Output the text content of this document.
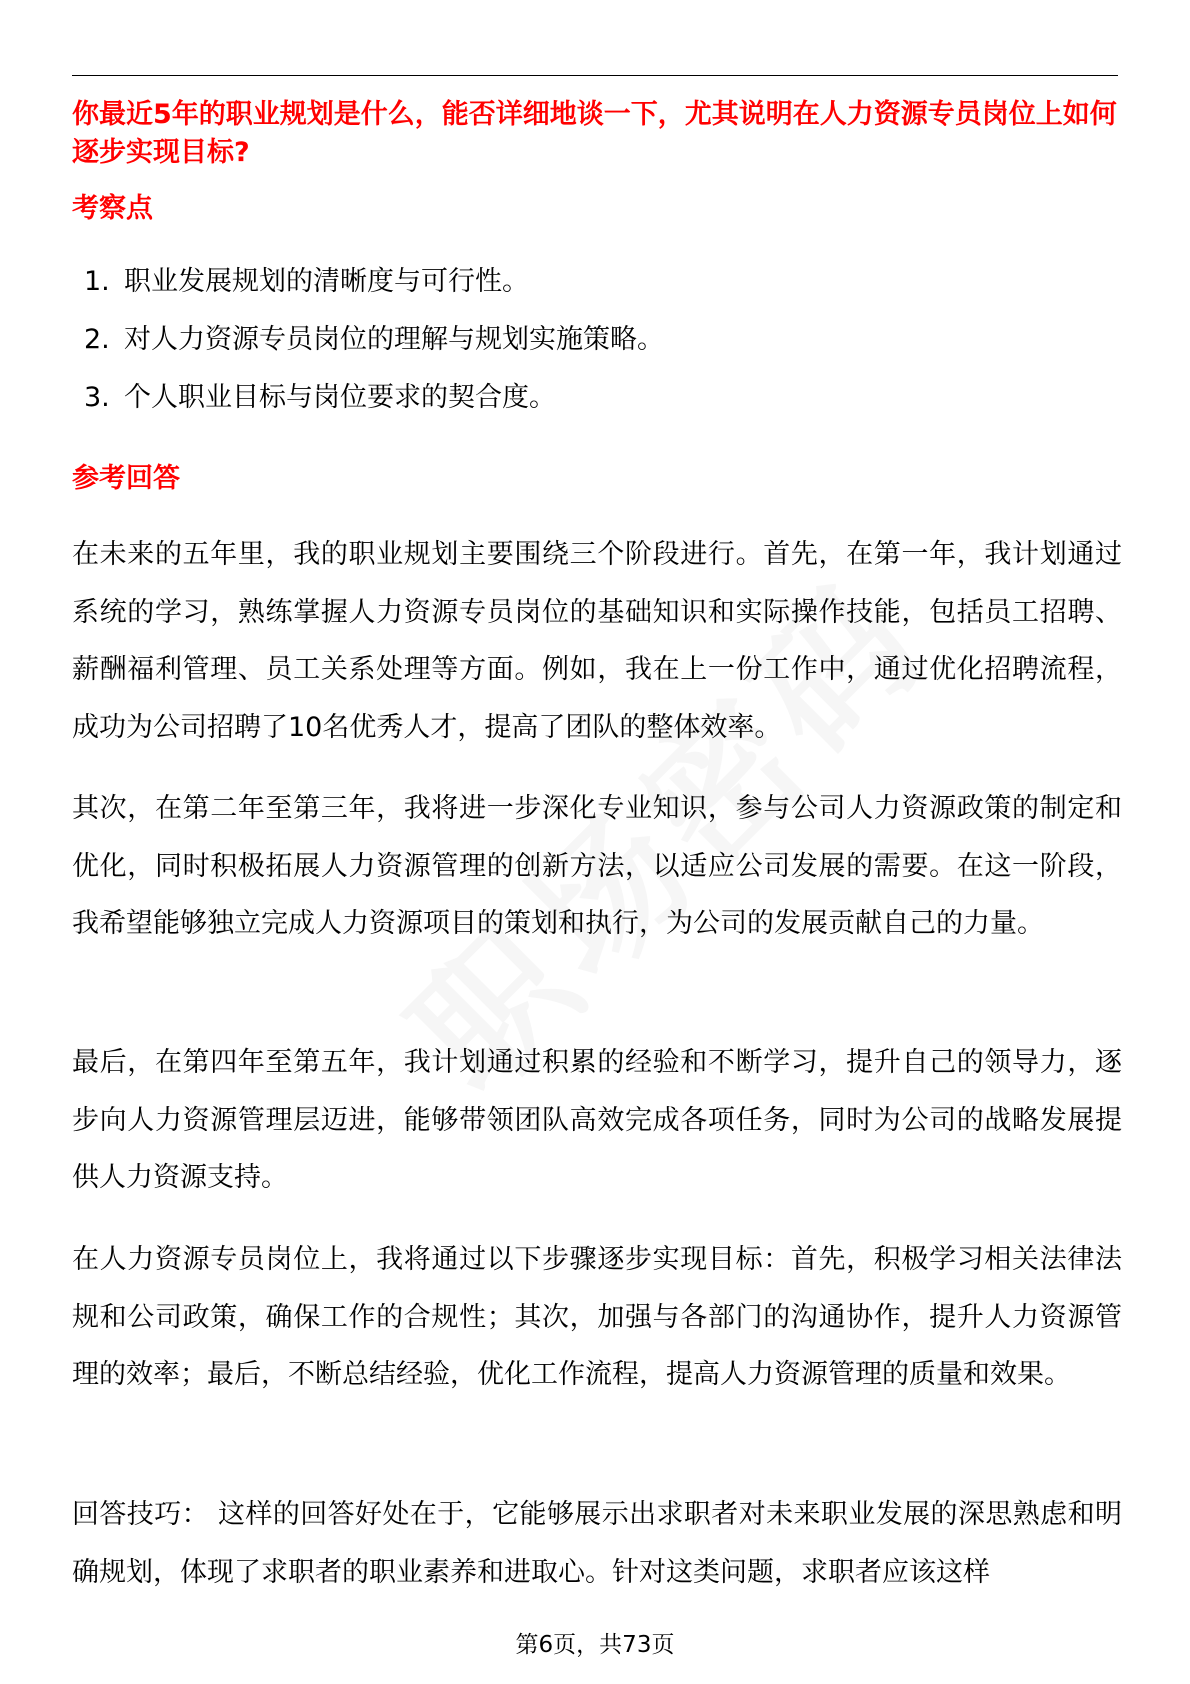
你最近5年的职业规划是什么，能否详细地谈一下，尤其说明在人力资源专员岗位上如何逐步实现目标?
考察点
1. 职业发展规划的清晰度与可行性。
2. 对人力资源专员岗位的理解与规划实施策略。
3. 个人职业目标与岗位要求的契合度。
参考回答

在未来的五年里，我的职业规划主要围绕三个阶段进行。首先，在第一年，我计划通过系统的学习，熟练掌握人力资源专员岗位的基础知识和实际操作技能，包括员工招聘、薪酬福利管理、员工关系处理等方面。例如，我在上一份工作中，通过优化招聘流程，成功为公司招聘了10名优秀人才，提高了团队的整体效率。

其次，在第二年至第三年，我将进一步深化专业知识，参与公司人力资源政策的制定和优化，同时积极拓展人力资源管理的创新方法，以适应公司发展的需要。在这一阶段，我希望能够独立完成人力资源项目的策划和执行，为公司的发展贡献自己的力量。

最后，在第四年至第五年，我计划通过积累的经验和不断学习，提升自己的领导力，逐步向人力资源管理层迈进，能够带领团队高效完成各项任务，同时为公司的战略发展提供人力资源支持。

在人力资源专员岗位上，我将通过以下步骤逐步实现目标：首先，积极学习相关法律法规和公司政策，确保工作的合规性；其次，加强与各部门的沟通协作，提升人力资源管理的效率；最后，不断总结经验，优化工作流程，提高人力资源管理的质量和效果。

回答技巧： 这样的回答好处在于，它能够展示出求职者对未来职业发展的深思熟虑和明确规划，体现了求职者的职业素养和进取心。针对这类问题，求职者应该这样

第6页，共73页
